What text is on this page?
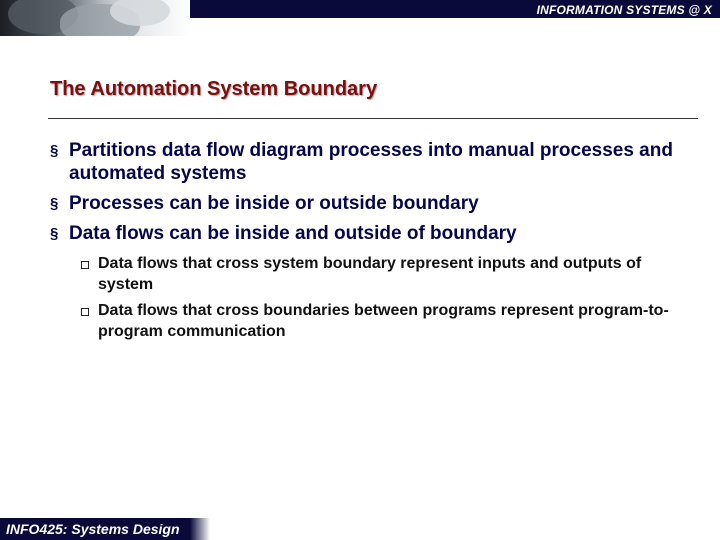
INFORMATION SYSTEMS @ X
The Automation System Boundary
§ Partitions data flow diagram processes into manual processes and automated systems
§ Processes can be inside or outside boundary
§ Data flows can be inside and outside of boundary
Data flows that cross system boundary represent inputs and outputs of system
Data flows that cross boundaries between programs represent program-to-program communication
INFO425: Systems Design
